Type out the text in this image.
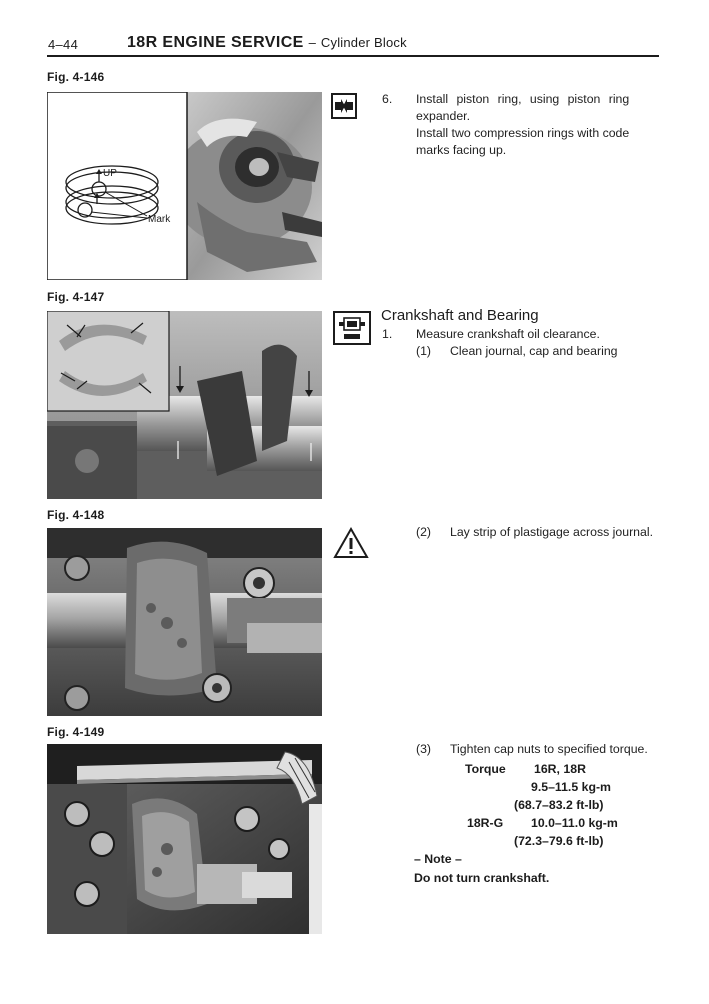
4–44	18R ENGINE SERVICE – Cylinder Block
Fig. 4-146
UP
Mark
6.	Install piston ring, using piston ring
expander.
Install two compression rings with code
marks facing up.
Fig. 4-147
Crankshaft and Bearing
1.	Measure crankshaft oil clearance.
(1)	Clean journal, cap and bearing
Fig. 4-148
(2)	Lay strip of plastigage across journal.
Fig. 4-149
(3)	Tighten cap nuts to specified torque.
Torque 16R, 18R
9.5–11.5 kg-m
(68.7–83.2 ft-lb)
18R-G 10.0–11.0 kg-m
(72.3–79.6 ft-lb)
– Note –
Do not turn crankshaft.
